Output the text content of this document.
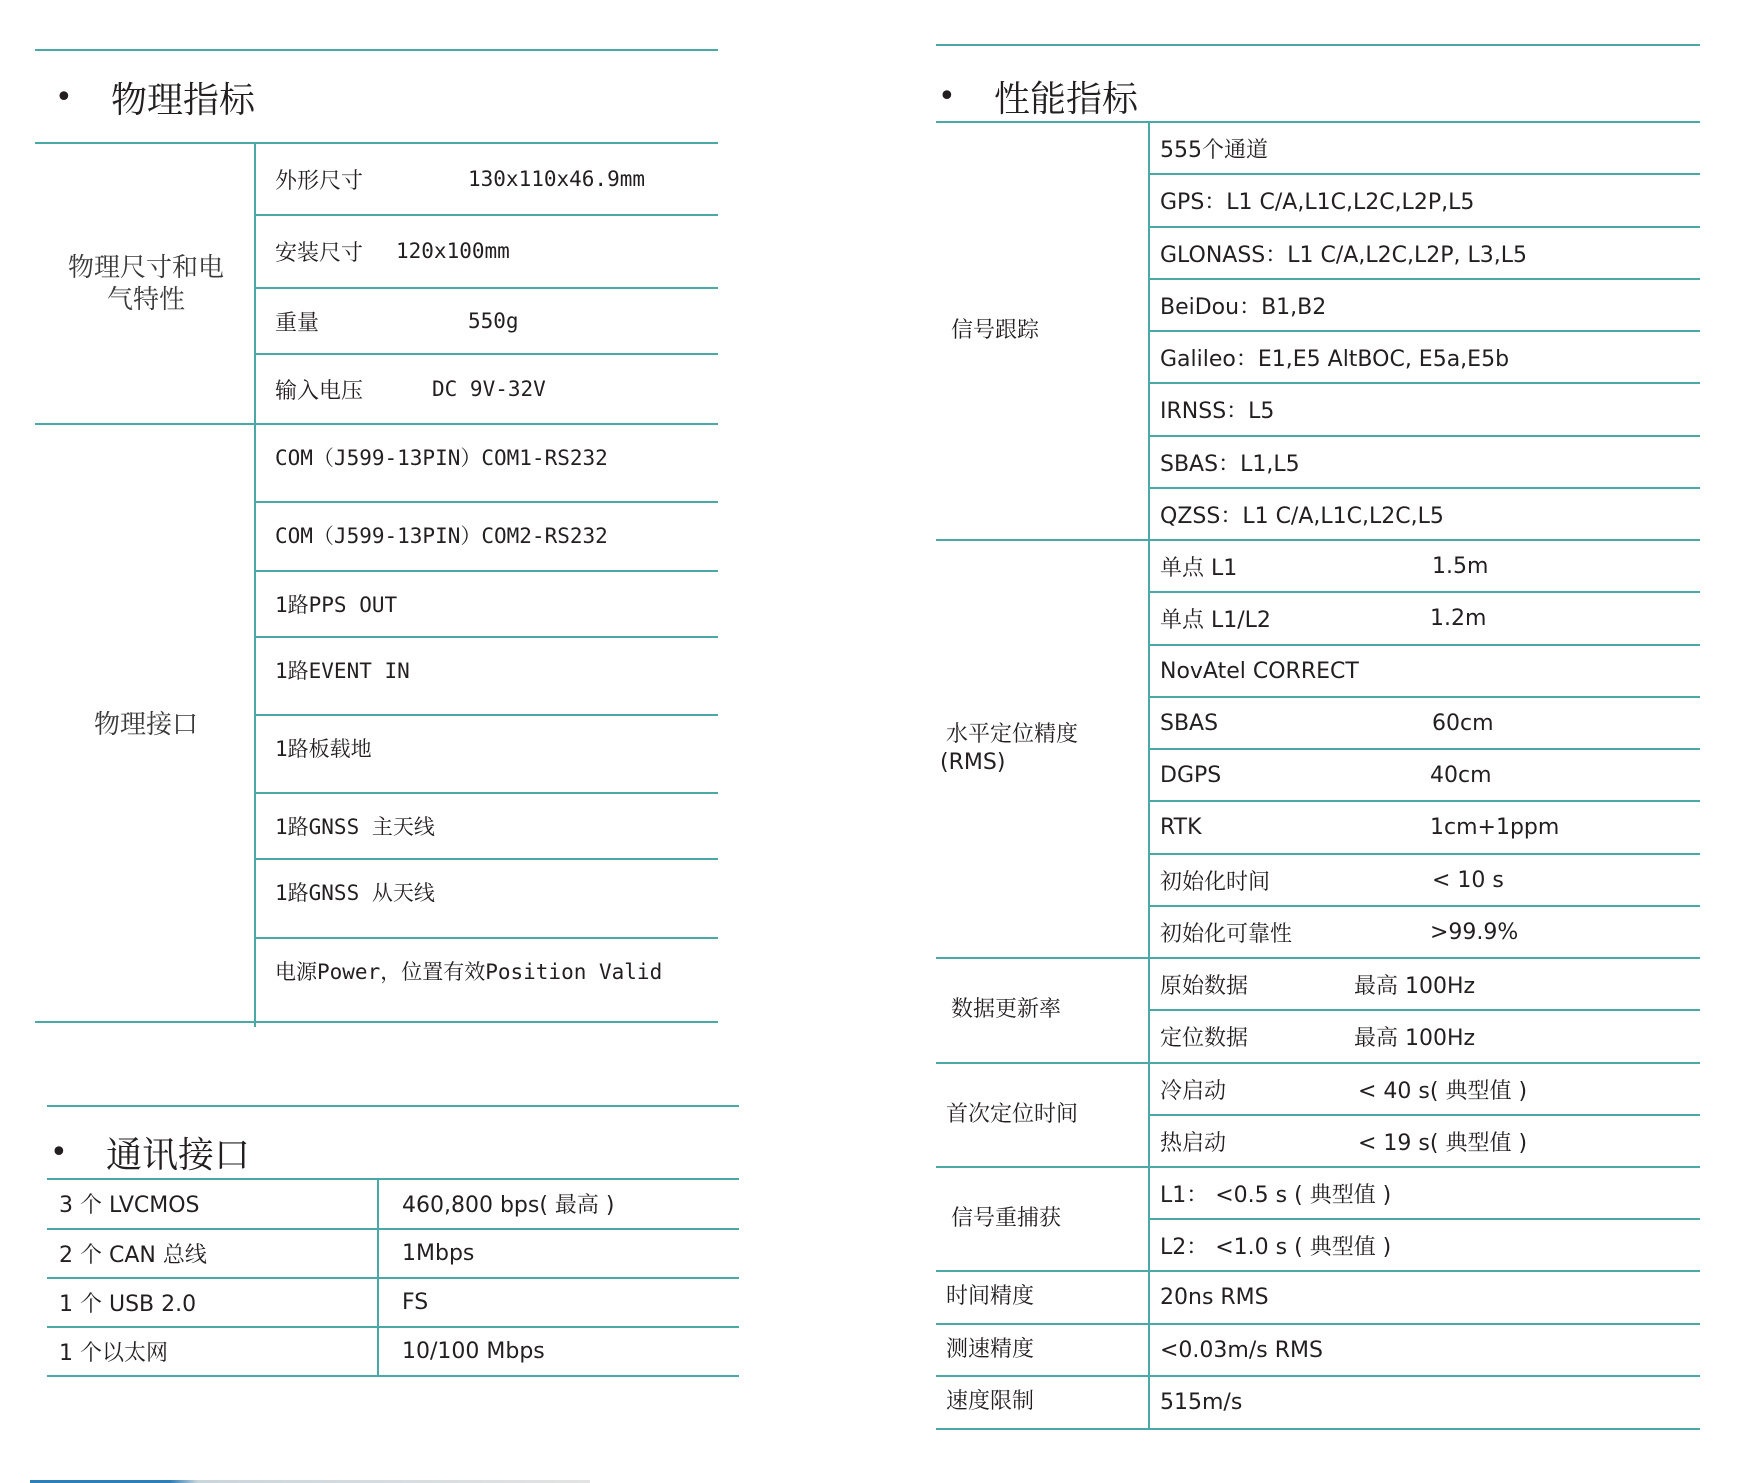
•	物理指标
物理尺寸和电气特性
外形尺寸	130x110x46.9mm
安装尺寸 120x100mm
重量	550g
输入电压	DC 9V-32V
物理接口
COM（J599-13PIN）COM1-RS232
COM（J599-13PIN）COM2-RS232
1路PPS OUT
1路EVENT IN
1路板载地
1路GNSS 主天线
1路GNSS 从天线
电源Power，位置有效Position Valid
•	通讯接口
3 个 LVCMOS	460,800 bps( 最高 )
2 个 CAN 总线	1Mbps
1 个 USB 2.0	FS
1 个以太网	10/100 Mbps
•	性能指标
信号跟踪
555个通道
GPS：L1 C/A,L1C,L2C,L2P,L5
GLONASS：L1 C/A,L2C,L2P, L3,L5
BeiDou：B1,B2
Galileo：E1,E5 AltBOC, E5a,E5b
IRNSS：L5
SBAS：L1,L5
QZSS：L1 C/A,L1C,L2C,L5
水平定位精度
(RMS)
单点 L1	1.5m
单点 L1/L2	1.2m
NovAtel CORRECT
SBAS	60cm
DGPS	40cm
RTK	1cm+1ppm
初始化时间	< 10 s
初始化可靠性	>99.9%
数据更新率
原始数据	最高 100Hz
定位数据	最高 100Hz
首次定位时间
冷启动	< 40 s( 典型值 )
热启动	< 19 s( 典型值 )
信号重捕获
L1： <0.5 s ( 典型值 )
L2： <1.0 s ( 典型值 )
时间精度	20ns RMS
测速精度	<0.03m/s RMS
速度限制	515m/s
